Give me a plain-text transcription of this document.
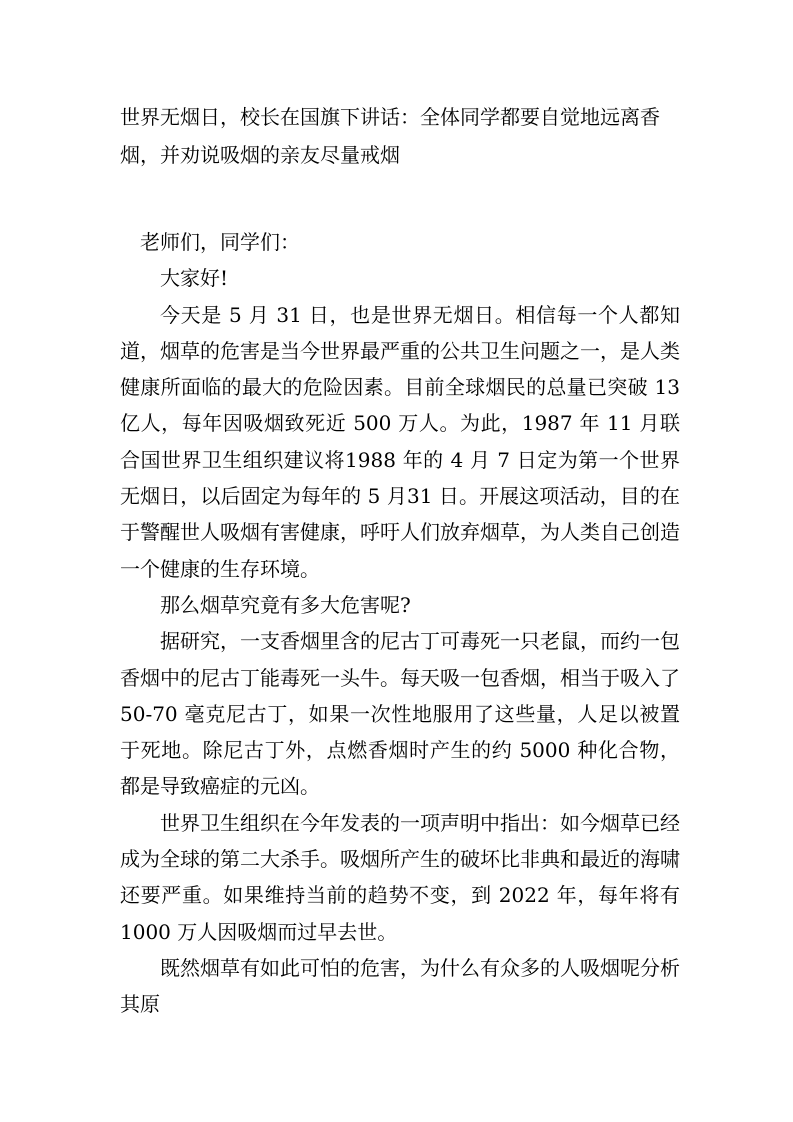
世界无烟日，校长在国旗下讲话：全体同学都要自觉地远离香烟，并劝说吸烟的亲友尽量戒烟

老师们，同学们：

大家好!

今天是 5 月 31 日，也是世界无烟日。相信每一个人都知道，烟草的危害是当今世界最严重的公共卫生问题之一，是人类健康所面临的最大的危险因素。目前全球烟民的总量已突破 13 亿人，每年因吸烟致死近 500 万人。为此，1987 年 11 月联合国世界卫生组织建议将1988 年的 4 月 7 日定为第一个世界无烟日，以后固定为每年的 5 月31 日。开展这项活动，目的在于警醒世人吸烟有害健康，呼吁人们放弃烟草，为人类自己创造一个健康的生存环境。

那么烟草究竟有多大危害呢?

据研究，一支香烟里含的尼古丁可毒死一只老鼠，而约一包香烟中的尼古丁能毒死一头牛。每天吸一包香烟，相当于吸入了 50-70 毫克尼古丁，如果一次性地服用了这些量，人足以被置于死地。除尼古丁外，点燃香烟时产生的约 5000 种化合物，都是导致癌症的元凶。

世界卫生组织在今年发表的一项声明中指出：如今烟草已经成为全球的第二大杀手。吸烟所产生的破坏比非典和最近的海啸还要严重。如果维持当前的趋势不变，到 2022 年，每年将有 1000 万人因吸烟而过早去世。

既然烟草有如此可怕的危害，为什么有众多的人吸烟呢分析其原
